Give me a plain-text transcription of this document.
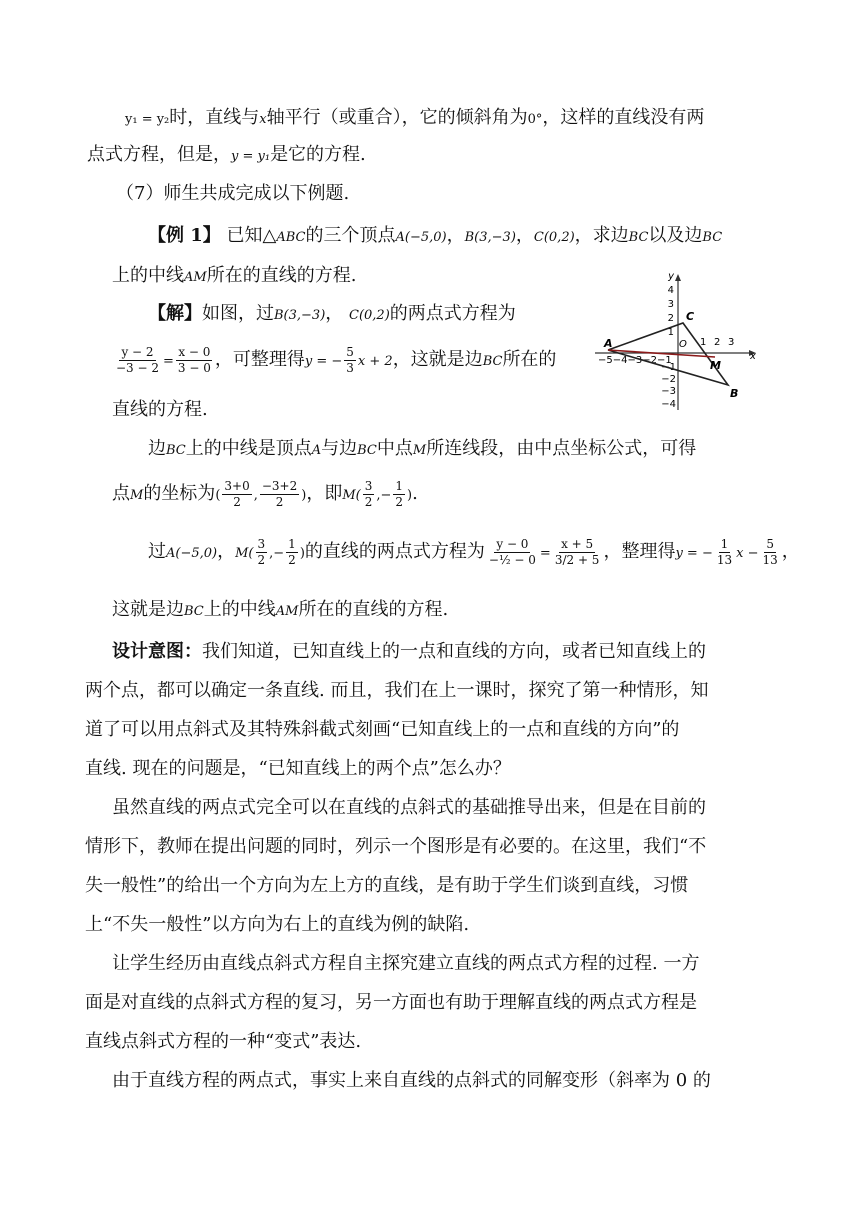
y₁ = y₂时，直线与x轴平行（或重合），它的倾斜角为0°，这样的直线没有两
点式方程，但是，y = y₁是它的方程.
（7）师生共成完成以下例题.
【例 1】 已知△ABC的三个顶点A(−5,0)，B(3,−3)，C(0,2)，求边BC以及边BC
上的中线AM所在的直线的方程.
【解】如图，过B(3,−3)， C(0,2)的两点式方程为
$\frac{y - 2}{-3 - 2} = \frac{x - 0}{3 - 0}$ ，可整理得y = − $\frac{5}{3}$ x + 2，这就是边BC所在的
直线的方程.
y
x
4
3
2
1
−1
−2
−3
−4
−5−4−3−2−1
1 2 3
A
B
C
M
O
边BC上的中线是顶点A与边BC中点M所连线段，由中点坐标公式，可得
点M的坐标为( $\frac{3+0}{2}$ , $\frac{-3+2}{2}$ )，即$M( \frac{3}{2}$ ,− $\frac{1}{2}$ ).
过A(−5,0)，$M( \frac{3}{2}$ ,− $\frac{1}{2}$ )的直线的两点式方程为 $\frac{y - 0}{\text{−½ − 0}} = \frac{x + 5}{3/2 + 5}$ ，整理得y = − $\frac{1}{13}$ $x - \frac{5}{13}$ ，
这就是边BC上的中线AM所在的直线的方程.
设计意图：我们知道，已知直线上的一点和直线的方向，或者已知直线上的
两个点，都可以确定一条直线. 而且，我们在上一课时，探究了第一种情形，知
道了可以用点斜式及其特殊斜截式刻画“已知直线上的一点和直线的方向”的
直线. 现在的问题是，“已知直线上的两个点”怎么办？
虽然直线的两点式完全可以在直线的点斜式的基础推导出来，但是在目前的
情形下，教师在提出问题的同时，列示一个图形是有必要的。在这里，我们“不
失一般性”的给出一个方向为左上方的直线，是有助于学生们谈到直线，习惯
上“不失一般性”以方向为右上的直线为例的缺陷.
让学生经历由直线点斜式方程自主探究建立直线的两点式方程的过程. 一方
面是对直线的点斜式方程的复习，另一方面也有助于理解直线的两点式方程是
直线点斜式方程的一种“变式”表达.
由于直线方程的两点式，事实上来自直线的点斜式的同解变形（斜率为 0 的
